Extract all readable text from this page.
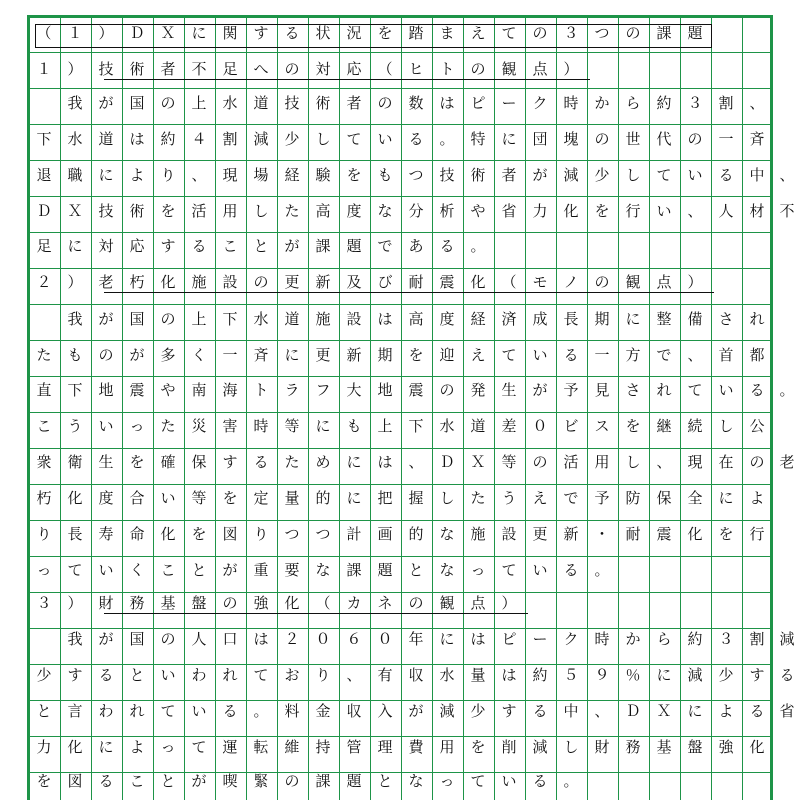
（	１	）	Ｄ	Ｘ	に	関	す	る	状	況	を	踏	ま	え	て	の	３	つ	の	課	題
１	）	技	術	者	不	足	へ	の	対	応	（	ヒ	ト	の	観	点	）
我	が	国	の	上	水	道	技	術	者	の	数	は	ピ	ー	ク	時	か	ら	約	３	割	、
下	水	道	は	約	４	割	減	少	し	て	い	る	。	特	に	団	塊	の	世	代	の	一	斉
退	職	に	よ	り	、	現	場	経	験	を	も	つ	技	術	者	が	減	少	し	て	い	る	中 、
Ｄ	Ｘ	技	術	を	活	用	し	た	高	度	な	分	析	や	省	力	化	を	行	い	、	人	材 不
足	に	対	応	す	る	こ	と	が	課	題	で	あ	る	。
２	）	老	朽	化	施	設	の	更	新	及	び	耐	震	化	（	モ	ノ	の	観	点	）
我	が	国	の	上	下	水	道	施	設	は	高	度	経	済	成	長	期	に	整	備	さ	れ
た	も	の	が	多	く	一	斉	に	更	新	期	を	迎	え	て	い	る	一	方	で	、	首	都
直	下	地	震	や	南	海	ト	ラ	フ	大	地	震	の	発	生	が	予	見	さ	れ	て	い	る 。
こ	う	い	っ	た	災	害	時	等	に	も	上	下	水	道	差	０	ビ	ス	を	継	続	し	公
衆	衛	生	を	確	保	す	る	た	め	に	は	、	Ｄ	Ｘ	等	の	活	用	し	、	現	在	の 老
朽	化	度	合	い	等	を	定	量	的	に	把	握	し	た	う	え	で	予	防	保	全	に	よ
り	長	寿	命	化	を	図	り	つ	つ	計	画	的	な	施	設	更	新	・	耐	震	化	を	行
っ	て	い	く	こ	と	が	重	要	な	課	題	と	な	っ	て	い	る	。
３	）	財	務	基	盤	の	強	化	（	カ	ネ	の	観	点	）
我	が	国	の	人	口	は	２	０	６	０	年	に	は	ピ	ー	ク	時	か	ら	約	３	割 減
少	す	る	と	い	わ	れ	て	お	り	、	有	収	水	量	は	約	５	９	％	に	減	少	す る
と	言	わ	れ	て	い	る	。	料	金	収	入	が	減	少	す	る	中	、	Ｄ	Ｘ	に	よ	る 省
力	化	に	よ	っ	て	運	転	維	持	管	理	費	用	を	削	減	し	財	務	基	盤	強	化
を	図	る	こ	と	が	喫	緊	の	課	題	と	な	っ	て	い	る	。
